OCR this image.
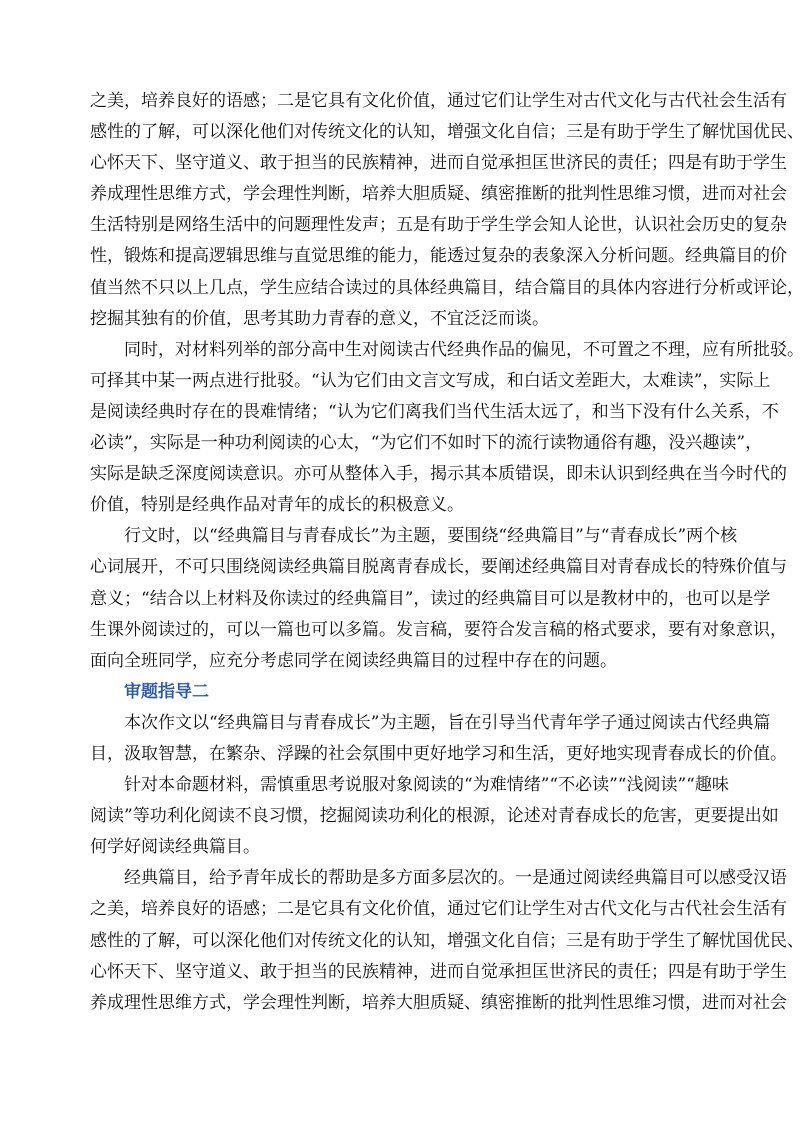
之美，培养良好的语感；二是它具有文化价值，通过它们让学生对古代文化与古代社会生活有
感性的了解，可以深化他们对传统文化的认知，增强文化自信；三是有助于学生了解忧国优民、
心怀天下、坚守道义、敢于担当的民族精神，进而自觉承担匡世济民的责任；四是有助于学生
养成理性思维方式，学会理性判断，培养大胆质疑、缜密推断的批判性思维习惯，进而对社会
生活特别是网络生活中的问题理性发声；五是有助于学生学会知人论世，认识社会历史的复杂
性，锻炼和提高逻辑思维与直觉思维的能力，能透过复杂的表象深入分析问题。经典篇目的价
值当然不只以上几点，学生应结合读过的具体经典篇目，结合篇目的具体内容进行分析或评论，
挖掘其独有的价值，思考其助力青春的意义，不宜泛泛而谈。
同时，对材料列举的部分高中生对阅读古代经典作品的偏见，不可置之不理，应有所批驳。
可择其中某一两点进行批驳。“认为它们由文言文写成，和白话文差距大，太难读”，实际上
是阅读经典时存在的畏难情绪；“认为它们离我们当代生活太远了，和当下没有什么关系，不
必读”，实际是一种功利阅读的心太，“为它们不如时下的流行读物通俗有趣，没兴趣读”，
实际是缺乏深度阅读意识。亦可从整体入手，揭示其本质错误，即未认识到经典在当今时代的
价值，特别是经典作品对青年的成长的积极意义。
行文时，以“经典篇目与青春成长”为主题，要围绕“经典篇目”与“青春成长”两个核
心词展开，不可只围绕阅读经典篇目脱离青春成长，要阐述经典篇目对青春成长的特殊价值与
意义；“结合以上材料及你读过的经典篇目”，读过的经典篇目可以是教材中的，也可以是学
生课外阅读过的，可以一篇也可以多篇。发言稿，要符合发言稿的格式要求，要有对象意识，
面向全班同学，应充分考虑同学在阅读经典篇目的过程中存在的问题。
审题指导二
本次作文以“经典篇目与青春成长”为主题，旨在引导当代青年学子通过阅读古代经典篇
目，汲取智慧，在繁杂、浮躁的社会氛围中更好地学习和生活，更好地实现青春成长的价值。
针对本命题材料，需慎重思考说服对象阅读的“为难情绪”“不必读”“浅阅读”“趣味
阅读”等功利化阅读不良习惯，挖掘阅读功利化的根源，论述对青春成长的危害，更要提出如
何学好阅读经典篇目。
经典篇目，给予青年成长的帮助是多方面多层次的。一是通过阅读经典篇目可以感受汉语
之美，培养良好的语感；二是它具有文化价值，通过它们让学生对古代文化与古代社会生活有
感性的了解，可以深化他们对传统文化的认知，增强文化自信；三是有助于学生了解忧国优民、
心怀天下、坚守道义、敢于担当的民族精神，进而自觉承担匡世济民的责任；四是有助于学生
养成理性思维方式，学会理性判断，培养大胆质疑、缜密推断的批判性思维习惯，进而对社会
